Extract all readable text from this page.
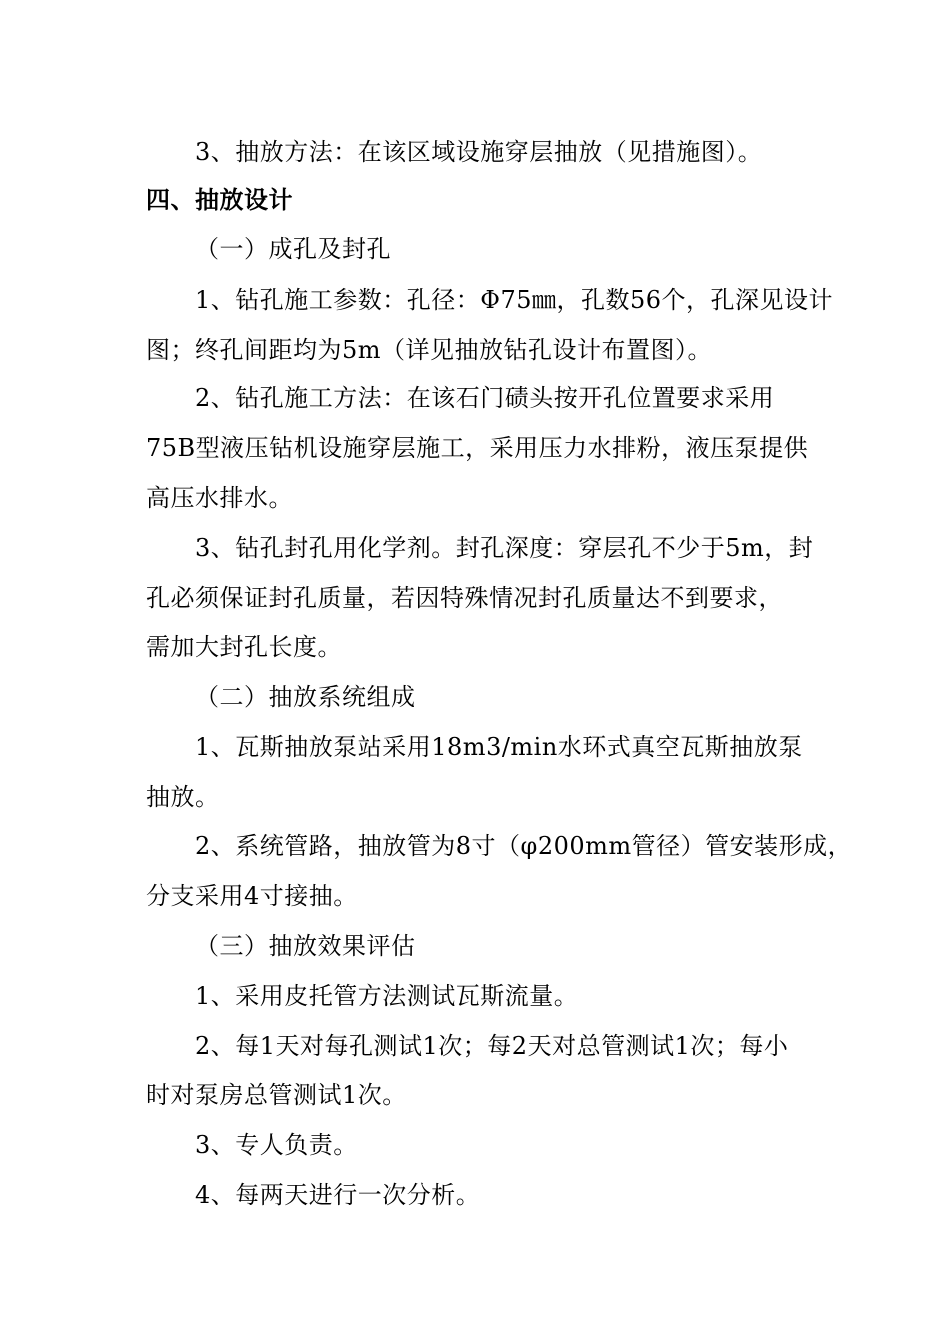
3、抽放方法：在该区域设施穿层抽放（见措施图）。
四、抽放设计
（一）成孔及封孔
1、钻孔施工参数：孔径：Φ75㎜，孔数56个，孔深见设计
图；终孔间距均为5m（详见抽放钻孔设计布置图）。
2、钻孔施工方法：在该石门碛头按开孔位置要求采用
75B型液压钻机设施穿层施工，采用压力水排粉，液压泵提供
高压水排水。
3、钻孔封孔用化学剂。封孔深度：穿层孔不少于5m，封
孔必须保证封孔质量，若因特殊情况封孔质量达不到要求，
需加大封孔长度。
（二）抽放系统组成
1、瓦斯抽放泵站采用18m3/min水环式真空瓦斯抽放泵
抽放。
2、系统管路，抽放管为8寸（φ200mm管径）管安装形成，
分支采用4寸接抽。
（三）抽放效果评估
1、采用皮托管方法测试瓦斯流量。
2、每1天对每孔测试1次；每2天对总管测试1次；每小
时对泵房总管测试1次。
3、专人负责。
4、每两天进行一次分析。
